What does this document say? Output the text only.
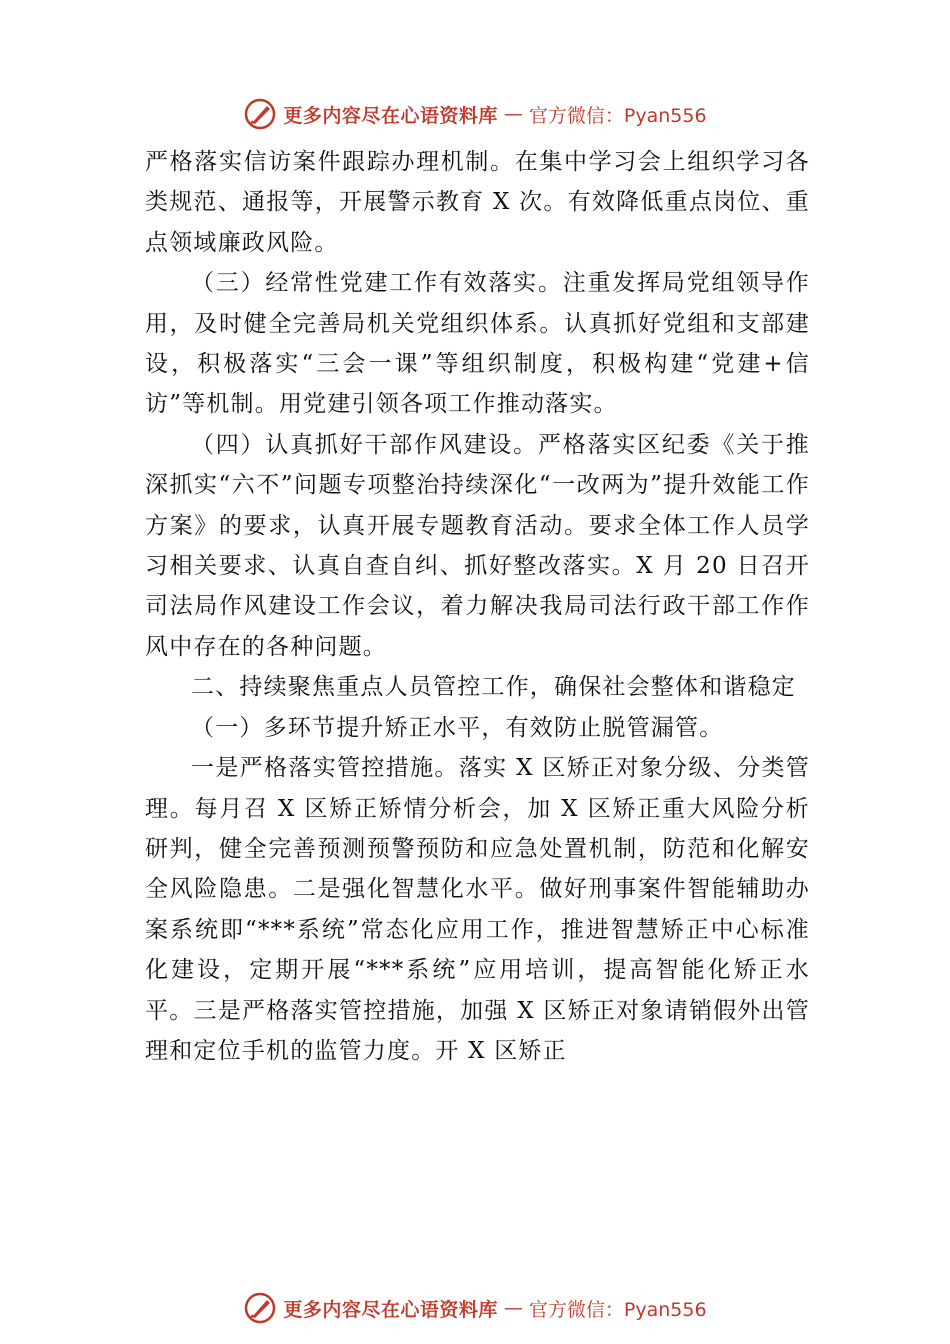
更多内容尽在心语资料库 — 官方微信：Pyan556

严格落实信访案件跟踪办理机制。在集中学习会上组织学习各类规范、通报等，开展警示教育 X 次。有效降低重点岗位、重点领域廉政风险。

（三）经常性党建工作有效落实。注重发挥局党组领导作用，及时健全完善局机关党组织体系。认真抓好党组和支部建设，积极落实“三会一课”等组织制度，积极构建“党建+信访”等机制。用党建引领各项工作推动落实。

（四）认真抓好干部作风建设。严格落实区纪委《关于推深抓实“六不”问题专项整治持续深化“一改两为”提升效能工作方案》的要求，认真开展专题教育活动。要求全体工作人员学习相关要求、认真自查自纠、抓好整改落实。X 月 20 日召开司法局作风建设工作会议，着力解决我局司法行政干部工作作风中存在的各种问题。

二、持续聚焦重点人员管控工作，确保社会整体和谐稳定

（一）多环节提升矫正水平，有效防止脱管漏管。

一是严格落实管控措施。落实 X 区矫正对象分级、分类管理。每月召 X 区矫正矫情分析会，加 X 区矫正重大风险分析研判，健全完善预测预警预防和应急处置机制，防范和化解安全风险隐患。二是强化智慧化水平。做好刑事案件智能辅助办案系统即“***系统”常态化应用工作，推进智慧矫正中心标准化建设，定期开展“***系统”应用培训，提高智能化矫正水平。三是严格落实管控措施，加强 X 区矫正对象请销假外出管理和定位手机的监管力度。开 X 区矫正

更多内容尽在心语资料库 — 官方微信：Pyan556
